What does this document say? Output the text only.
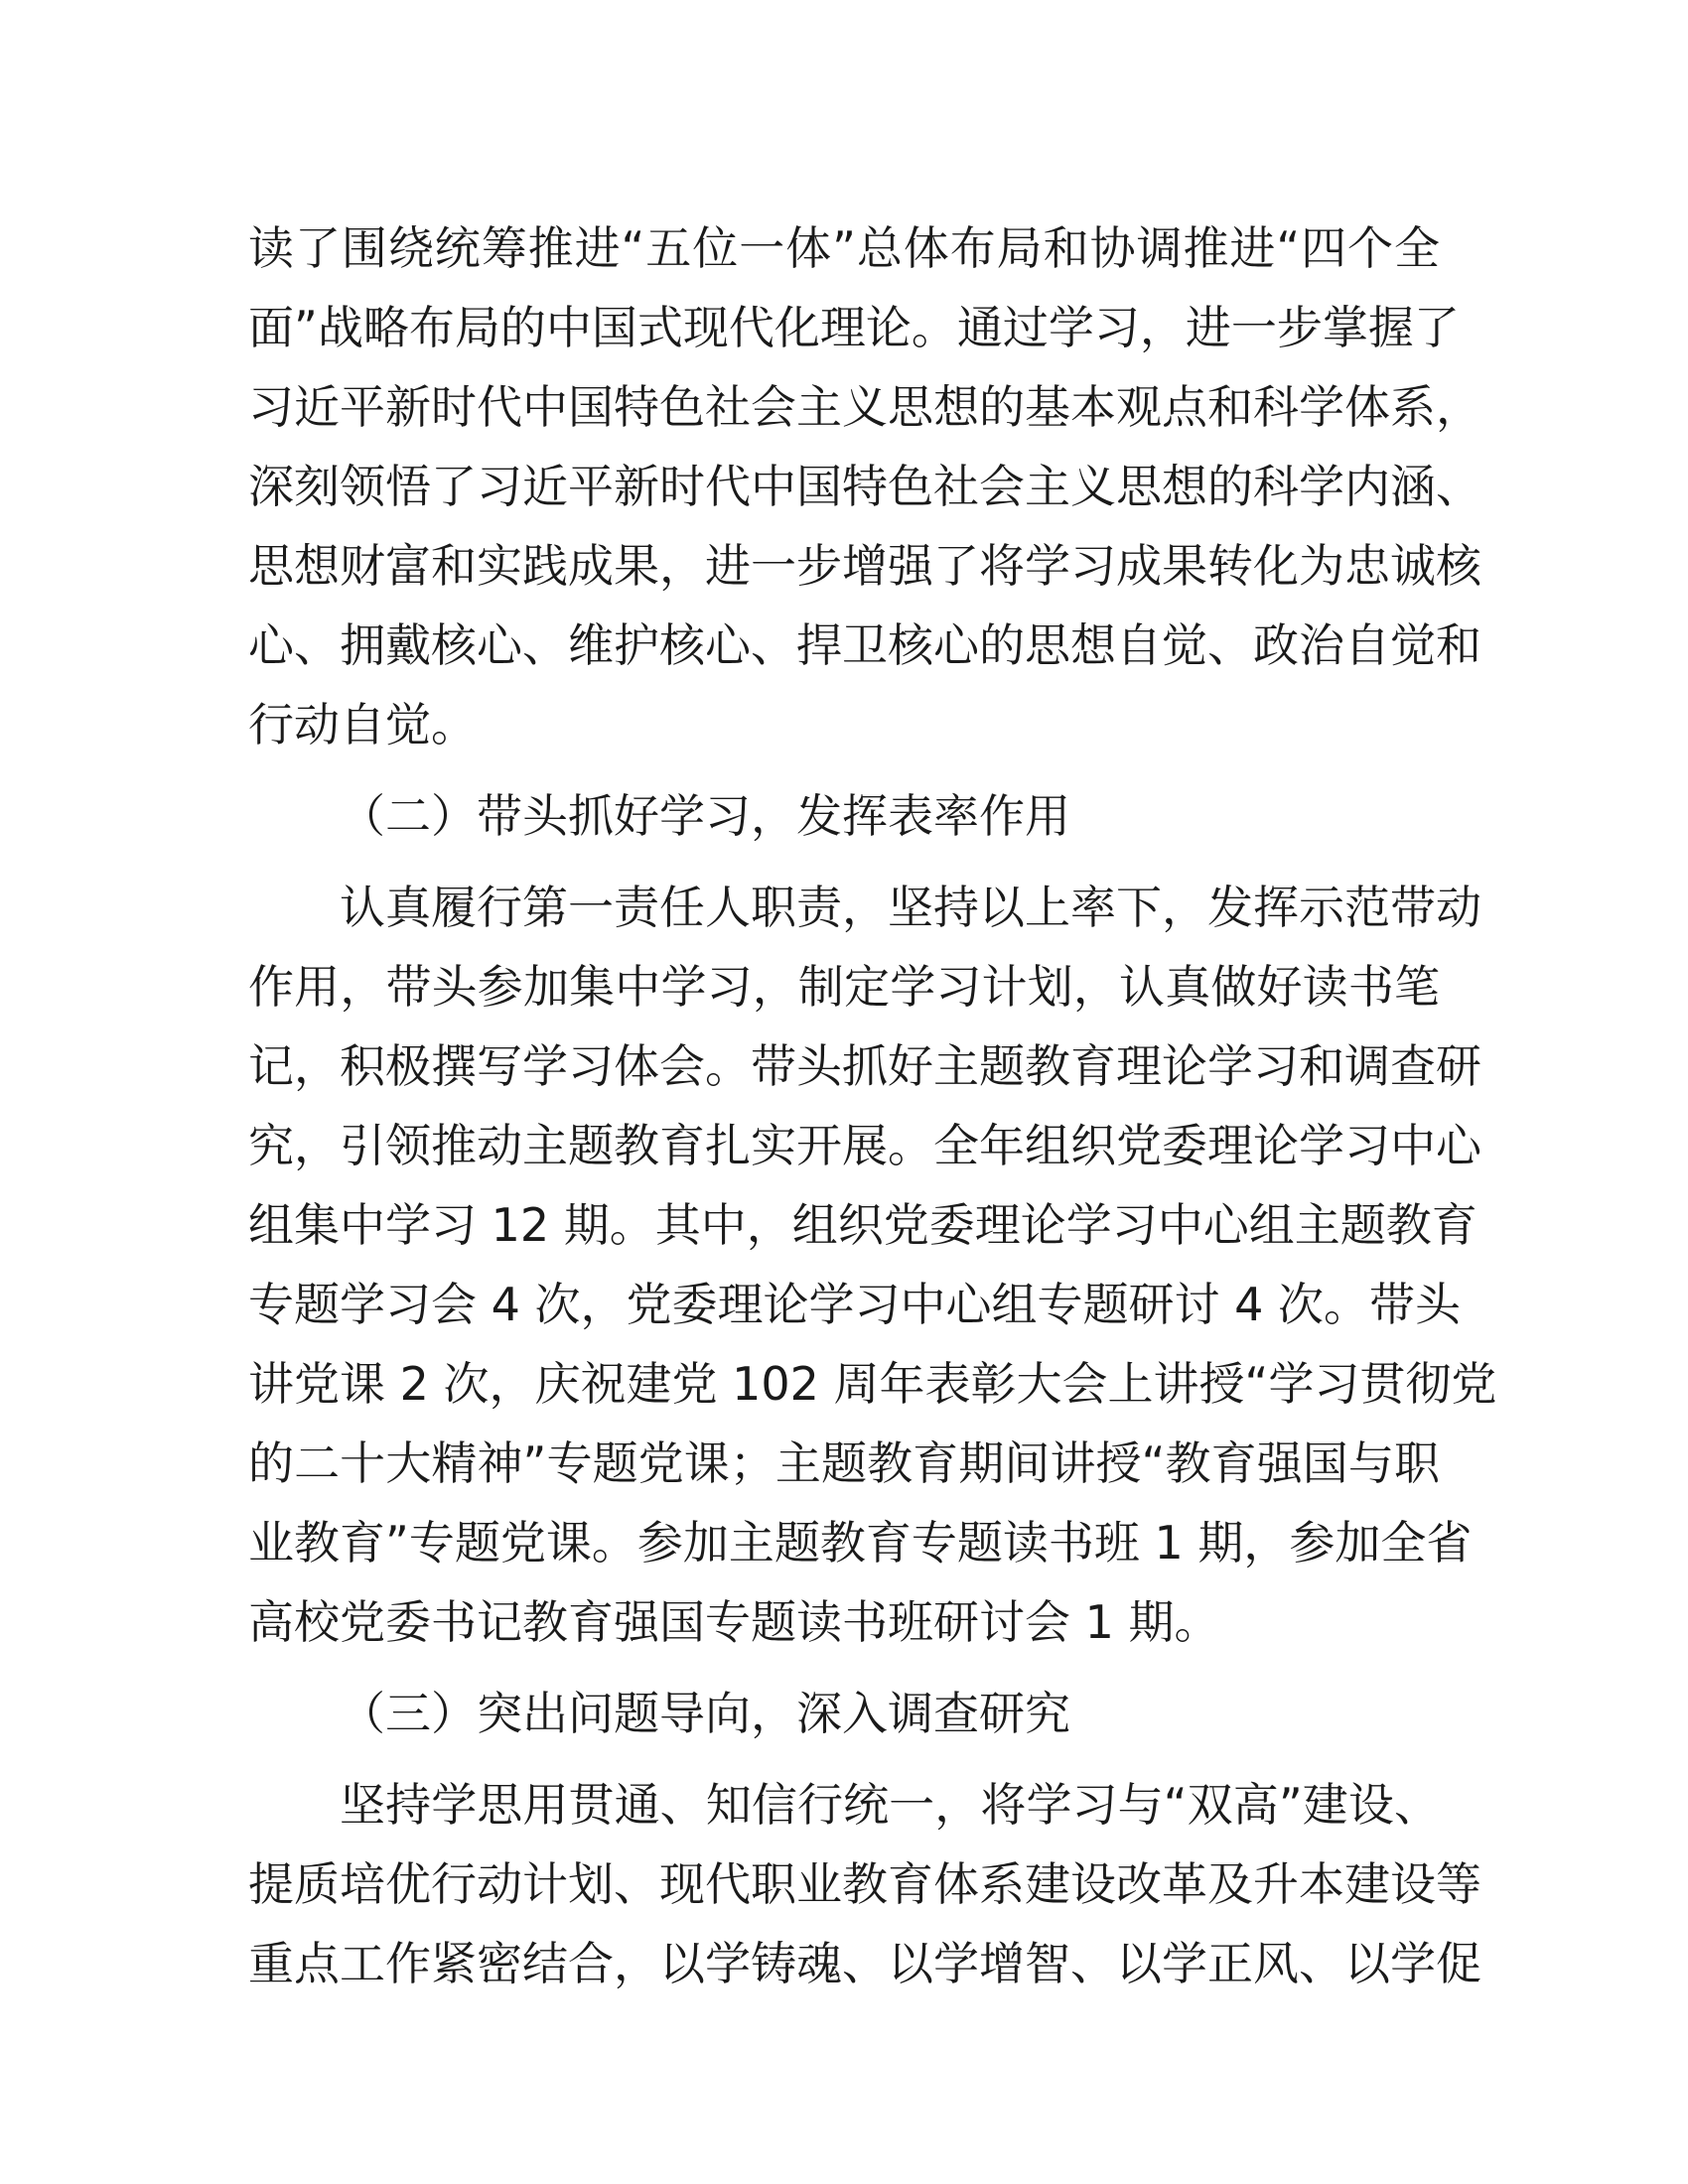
读了围绕统筹推进“五位一体”总体布局和协调推进“四个全
面”战略布局的中国式现代化理论。通过学习，进一步掌握了
习近平新时代中国特色社会主义思想的基本观点和科学体系，
深刻领悟了习近平新时代中国特色社会主义思想的科学内涵、
思想财富和实践成果，进一步增强了将学习成果转化为忠诚核
心、拥戴核心、维护核心、捍卫核心的思想自觉、政治自觉和
行动自觉。

（二）带头抓好学习，发挥表率作用

认真履行第一责任人职责，坚持以上率下，发挥示范带动
作用，带头参加集中学习，制定学习计划，认真做好读书笔
记，积极撰写学习体会。带头抓好主题教育理论学习和调查研
究，引领推动主题教育扎实开展。全年组织党委理论学习中心
组集中学习 12 期。其中，组织党委理论学习中心组主题教育
专题学习会 4 次，党委理论学习中心组专题研讨 4 次。带头
讲党课 2 次，庆祝建党 102 周年表彰大会上讲授“学习贯彻党
的二十大精神”专题党课；主题教育期间讲授“教育强国与职
业教育”专题党课。参加主题教育专题读书班 1 期，参加全省
高校党委书记教育强国专题读书班研讨会 1 期。

（三）突出问题导向，深入调查研究

坚持学思用贯通、知信行统一，将学习与“双高”建设、
提质培优行动计划、现代职业教育体系建设改革及升本建设等
重点工作紧密结合，以学铸魂、以学增智、以学正风、以学促
